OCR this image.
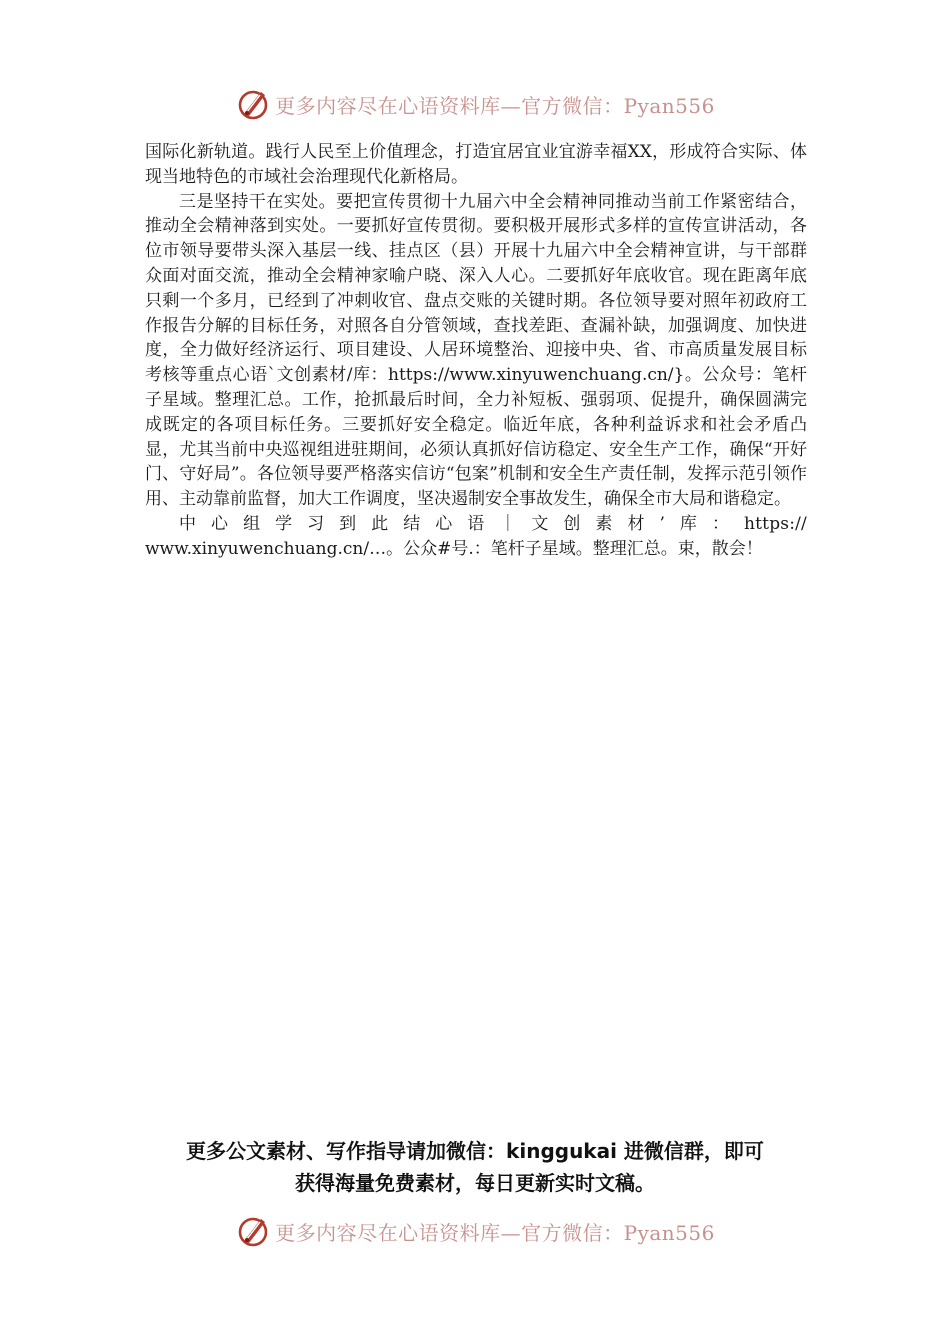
更多内容尽在心语资料库—官方微信：Pyan556

国际化新轨道。践行人民至上价值理念，打造宜居宜业宜游幸福XX，形成符合实际、体现当地特色的市域社会治理现代化新格局。

三是坚持干在实处。要把宣传贯彻十九届六中全会精神同推动当前工作紧密结合，推动全会精神落到实处。一要抓好宣传贯彻。要积极开展形式多样的宣传宣讲活动，各位市领导要带头深入基层一线、挂点区（县）开展十九届六中全会精神宣讲，与干部群众面对面交流，推动全会精神家喻户晓、深入人心。二要抓好年底收官。现在距离年底只剩一个多月，已经到了冲刺收官、盘点交账的关键时期。各位领导要对照年初政府工作报告分解的目标任务，对照各自分管领域，查找差距、查漏补缺，加强调度、加快进度，全力做好经济运行、项目建设、人居环境整治、迎接中央、省、市高质量发展目标考核等重点心语`文创素材/库：https://www.xinyuwenchuang.cn/}。公众号：笔杆子星域。整理汇总。工作，抢抓最后时间，全力补短板、强弱项、促提升，确保圆满完成既定的各项目标任务。三要抓好安全稳定。临近年底，各种利益诉求和社会矛盾凸显，尤其当前中央巡视组进驻期间，必须认真抓好信访稳定、安全生产工作，确保“开好门、守好局”。各位领导要严格落实信访“包案”机制和安全生产责任制，发挥示范引领作用、主动靠前监督，加大工作调度，坚决遏制安全事故发生，确保全市大局和谐稳定。

中心组学习到此结心语｜文创素材’库：https://

www.xinyuwenchuang.cn/…。公众#号.：笔杆子星域。整理汇总。束，散会！

更多公文素材、写作指导请加微信：kinggukai 进微信群，即可
获得海量免费素材，每日更新实时文稿。
更多内容尽在心语资料库—官方微信：Pyan556
